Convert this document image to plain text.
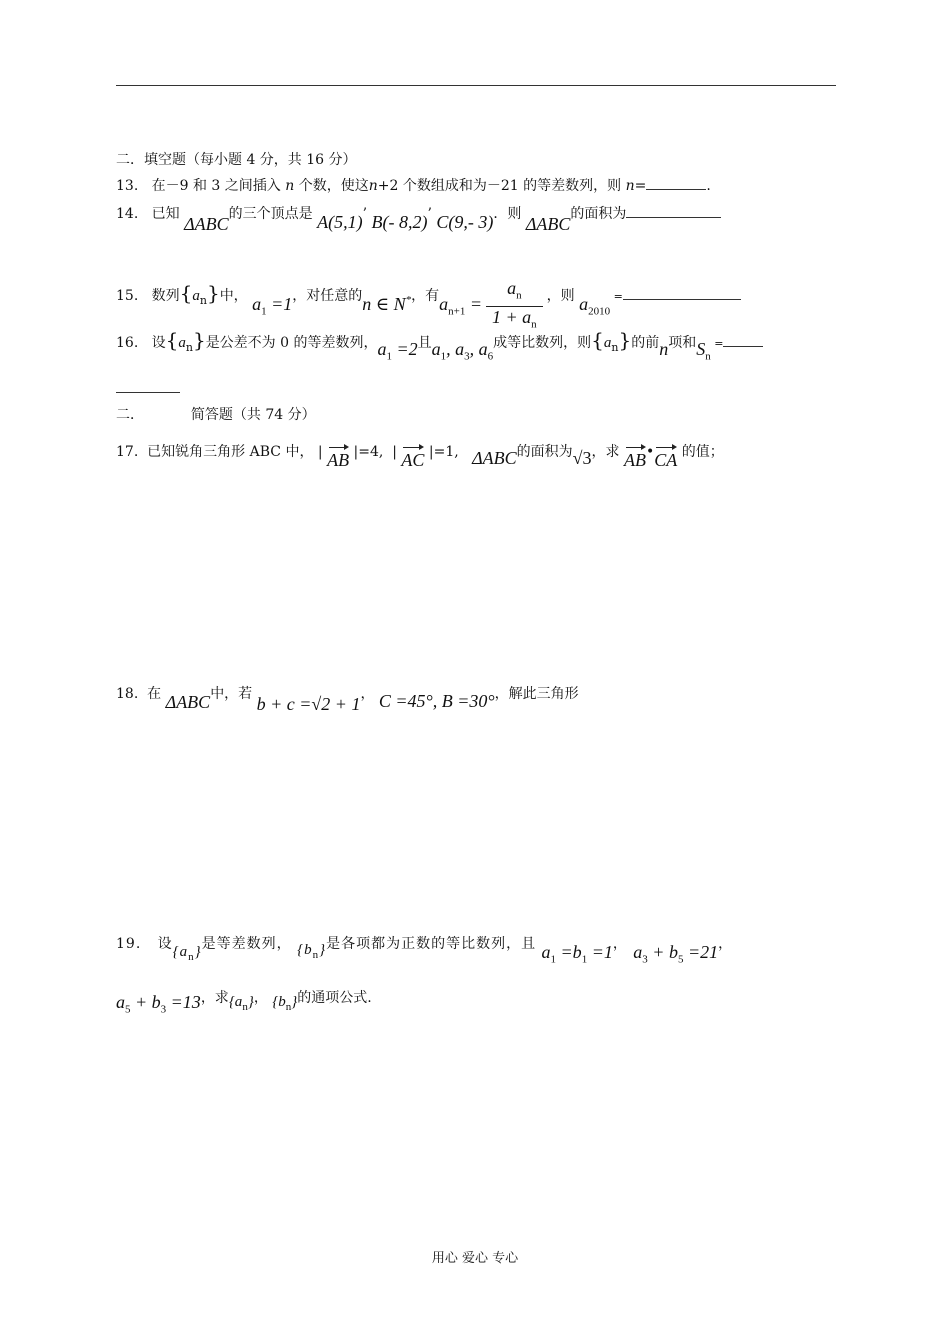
二．填空题（每小题 4 分，共 16 分）
13. 在－9 和 3 之间插入 n 个数，使这n+2 个数组成和为－21 的等差数列，则 n=	.
14. 已知 ΔABC的三个顶点是 A(5,1)’ B(- 8,2)’ C(9,- 3)．则 ΔABC的面积为
15. 数列$\{a_n\}$中， $a_1 =1$，对任意的n ∈ N*，有$a_{n+1} = \frac{a_n}{1 + a_n}$ ，则 $a_{2010}$ =
16. 设$\{a_n\}$是公差不为 0 的等差数列，$a_1 =2$且$a_1$, $a_3$, $a_6$成等比数列，则$\{a_n\}$的前n项和$S_n$ =
二．	简答题（共 74 分）
17. 已知锐角三角形 ABC 中， | AB |=4, | AC |=1, ΔABC的面积为√3，求 AB•CA 的值；
18. 在 ΔABC中，若 b + c =√2 + 1， C =45°, B =30°，解此三角形
19. 设$\{a_n\}$是等差数列， $\{b_n\}$是各项都为正数的等比数列，且 $a_1 =b_1 =1$， $a_3 + b_5 =21$，
$a_5 + b_3 =13$，求$\{a_n\}$， $\{b_n\}$的通项公式.
用心 爱心 专心
